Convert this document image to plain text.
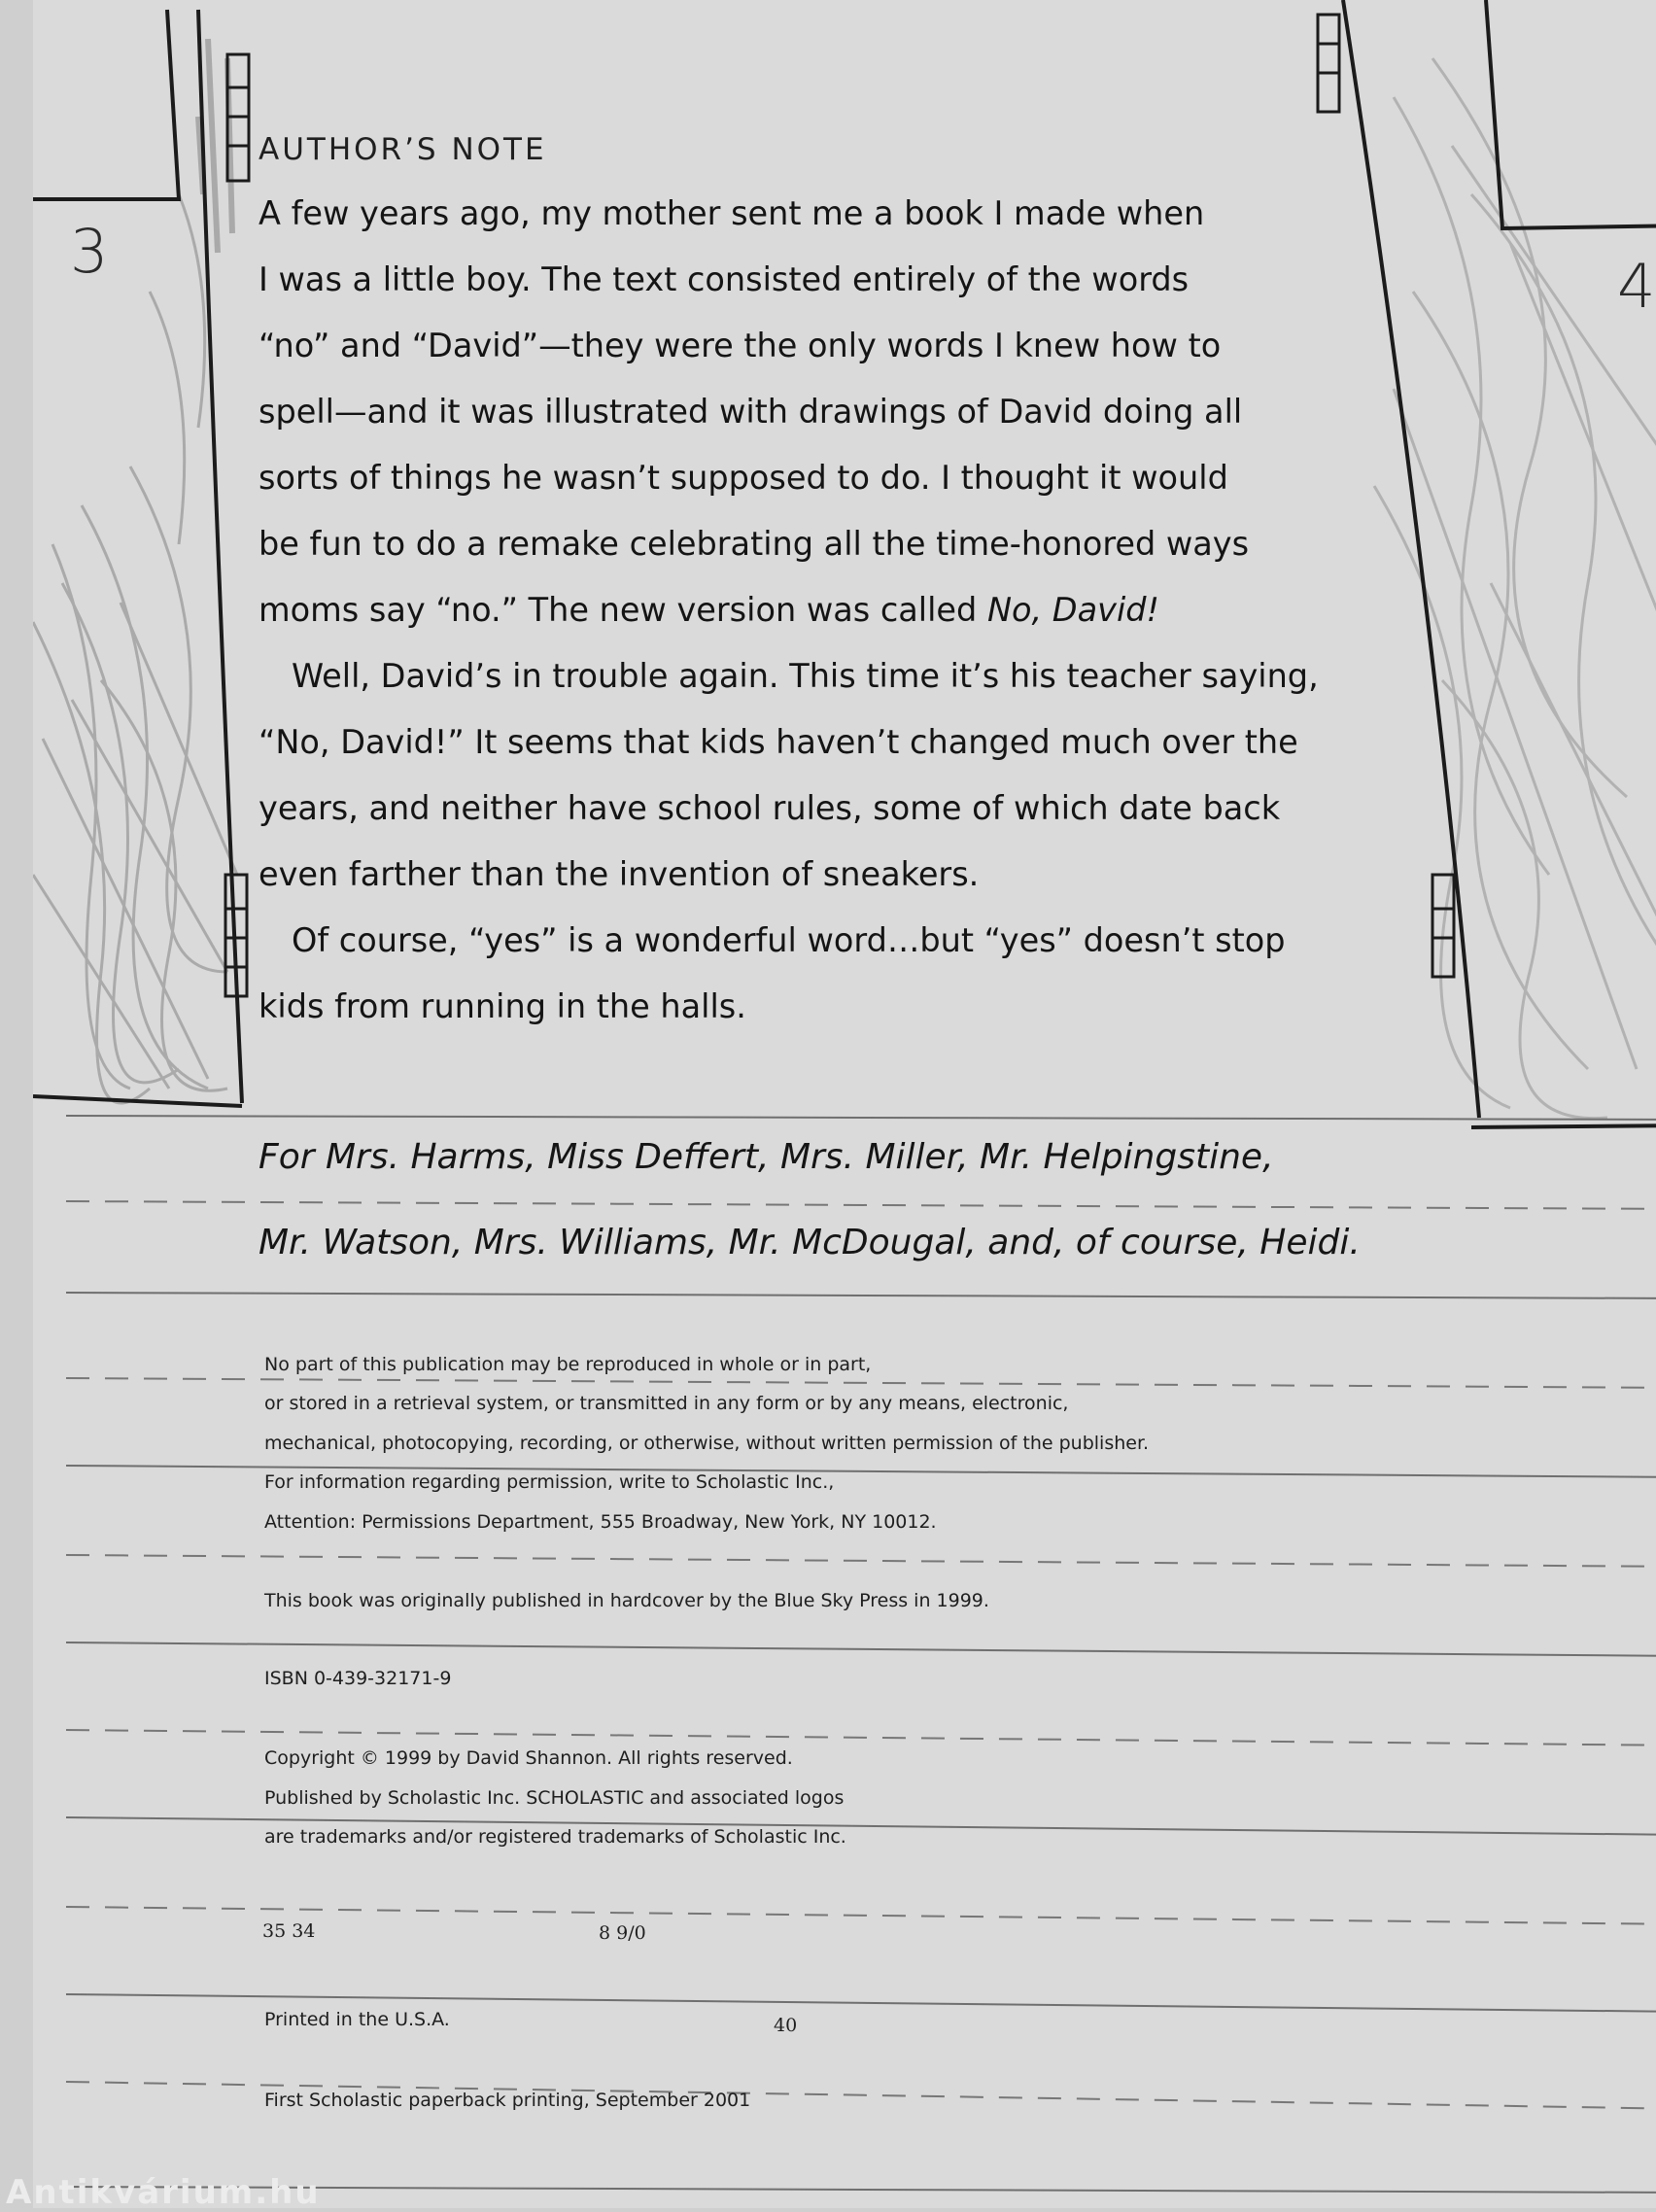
3	4
AUTHOR’S NOTE
A few years ago, my mother sent me a book I made when
I was a little boy. The text consisted entirely of the words
“no” and “David”—they were the only words I knew how to
spell—and it was illustrated with drawings of David doing all
sorts of things he wasn’t supposed to do. I thought it would
be fun to do a remake celebrating all the time-honored ways
moms say “no.” The new version was called No, David!
Well, David’s in trouble again. This time it’s his teacher saying,
“No, David!” It seems that kids haven’t changed much over the
years, and neither have school rules, some of which date back
even farther than the invention of sneakers.
Of course, “yes” is a wonderful word…but “yes” doesn’t stop
kids from running in the halls.
For Mrs. Harms, Miss Deffert, Mrs. Miller, Mr. Helpingstine,
Mr. Watson, Mrs. Williams, Mr. McDougal, and, of course, Heidi.
No part of this publication may be reproduced in whole or in part,
or stored in a retrieval system, or transmitted in any form or by any means, electronic,
mechanical, photocopying, recording, or otherwise, without written permission of the publisher.
For information regarding permission, write to Scholastic Inc.,
Attention: Permissions Department, 555 Broadway, New York, NY 10012.
This book was originally published in hardcover by the Blue Sky Press in 1999.
ISBN 0-439-32171-9
Copyright © 1999 by David Shannon. All rights reserved.
Published by Scholastic Inc. SCHOLASTIC and associated logos
are trademarks and/or registered trademarks of Scholastic Inc.
35 34	8 9/0
Printed in the U.S.A.	40
First Scholastic paperback printing, September 2001
Antikvárium.hu
